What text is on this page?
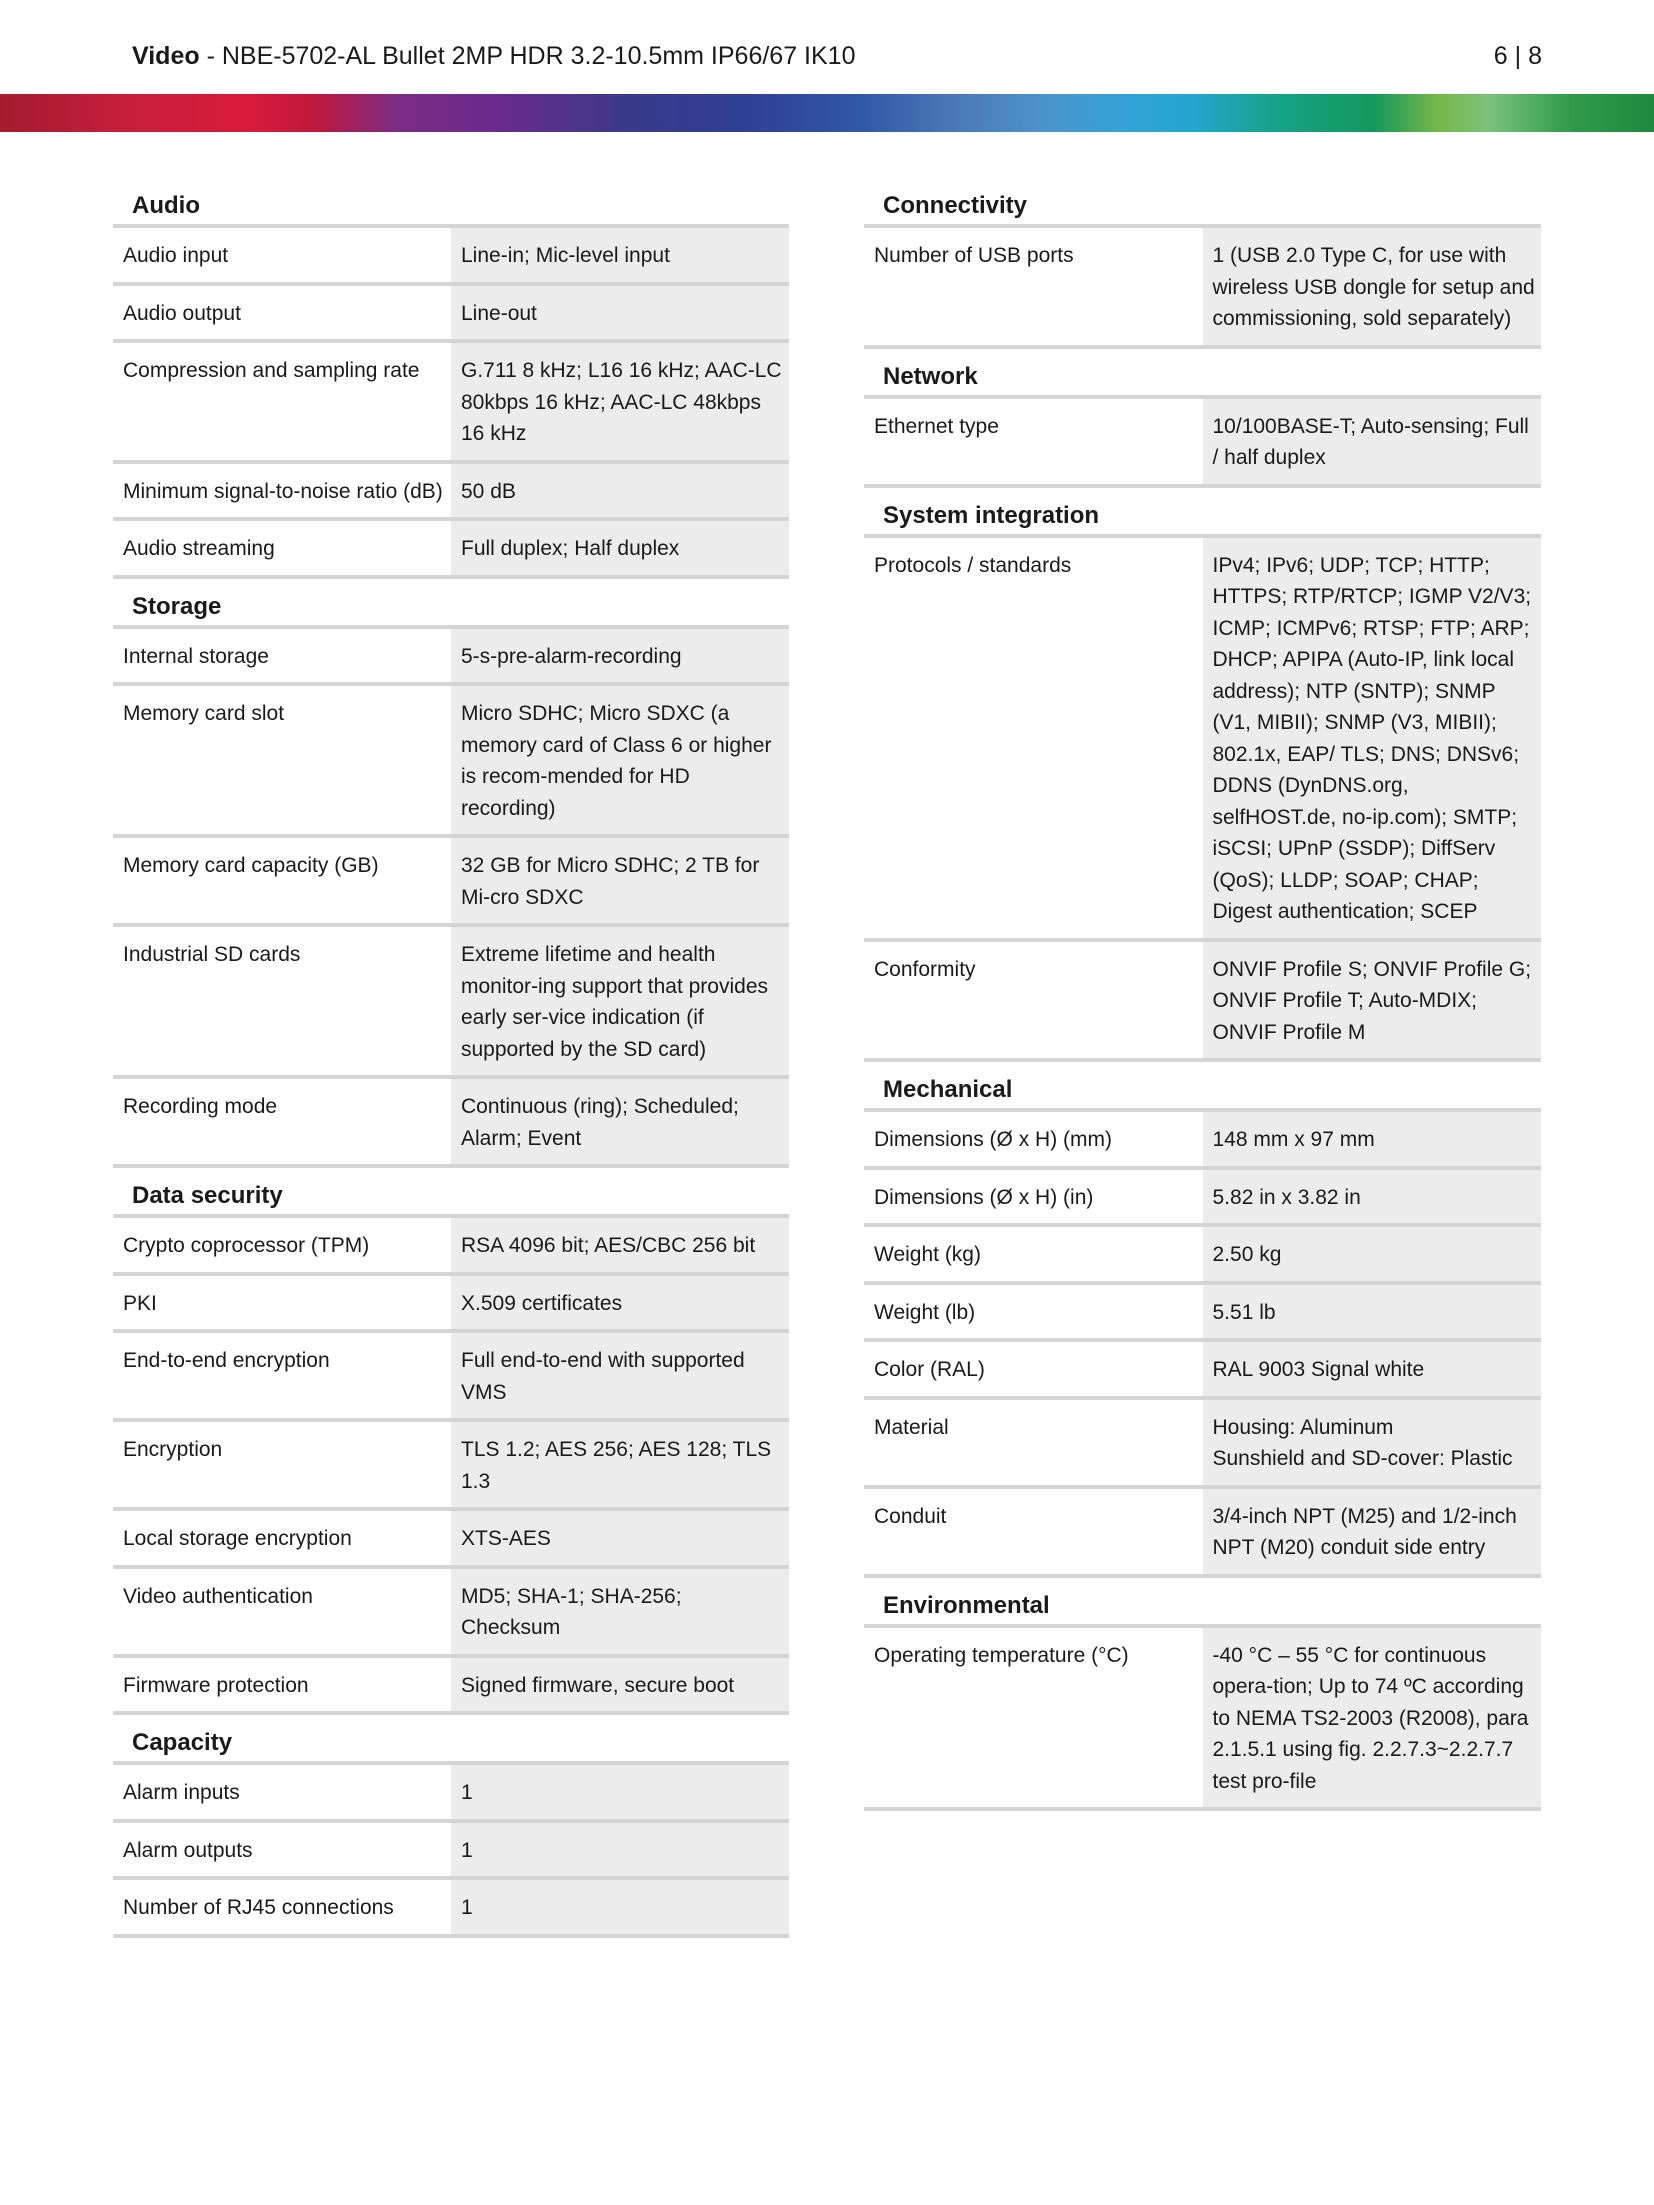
Video - NBE-5702-AL Bullet 2MP HDR 3.2-10.5mm IP66/67 IK10	6 | 8
Audio
Audio input	Line-in; Mic-level input
Audio output	Line-out
Compression and sampling rate	G.711 8 kHz; L16 16 kHz; AAC-LC 80kbps 16 kHz; AAC-LC 48kbps 16 kHz
Minimum signal-to-noise ratio (dB)	50 dB
Audio streaming	Full duplex; Half duplex
Storage
Internal storage	5-s-pre-alarm-recording
Memory card slot	Micro SDHC; Micro SDXC (a memory card of Class 6 or higher is recom-mended for HD recording)
Memory card capacity (GB)	32 GB for Micro SDHC; 2 TB for Mi-cro SDXC
Industrial SD cards	Extreme lifetime and health monitor-ing support that provides early ser-vice indication (if supported by the SD card)
Recording mode	Continuous (ring); Scheduled; Alarm; Event
Data security
Crypto coprocessor (TPM)	RSA 4096 bit; AES/CBC 256 bit
PKI	X.509 certificates
End-to-end encryption	Full end-to-end with supported VMS
Encryption	TLS 1.2; AES 256; AES 128; TLS 1.3
Local storage encryption	XTS-AES
Video authentication	MD5; SHA-1; SHA-256; Checksum
Firmware protection	Signed firmware, secure boot
Capacity
Alarm inputs	1
Alarm outputs	1
Number of RJ45 connections	1
Connectivity
Number of USB ports	1 (USB 2.0 Type C, for use with wireless USB dongle for setup and commissioning, sold separately)
Network
Ethernet type	10/100BASE-T; Auto-sensing; Full / half duplex
System integration
Protocols / standards	IPv4; IPv6; UDP; TCP; HTTP; HTTPS; RTP/RTCP; IGMP V2/V3; ICMP; ICMPv6; RTSP; FTP; ARP; DHCP; APIPA (Auto-IP, link local address); NTP (SNTP); SNMP (V1, MIBII); SNMP (V3, MIBII); 802.1x, EAP/ TLS; DNS; DNSv6; DDNS (DynDNS.org, selfHOST.de, no-ip.com); SMTP; iSCSI; UPnP (SSDP); DiffServ (QoS); LLDP; SOAP; CHAP; Digest authentication; SCEP
Conformity	ONVIF Profile S; ONVIF Profile G; ONVIF Profile T; Auto-MDIX; ONVIF Profile M
Mechanical
Dimensions (Ø x H) (mm)	148 mm x 97 mm
Dimensions (Ø x H) (in)	5.82 in x 3.82 in
Weight (kg)	2.50 kg
Weight (lb)	5.51 lb
Color (RAL)	RAL 9003 Signal white
Material	Housing: Aluminum
Sunshield and SD-cover: Plastic
Conduit	3/4-inch NPT (M25) and 1/2-inch NPT (M20) conduit side entry
Environmental
Operating temperature (°C)	-40 °C – 55 °C for continuous opera-tion; Up to 74 ºC according to NEMA TS2-2003 (R2008), para 2.1.5.1 using fig. 2.2.7.3~2.2.7.7 test pro-file
